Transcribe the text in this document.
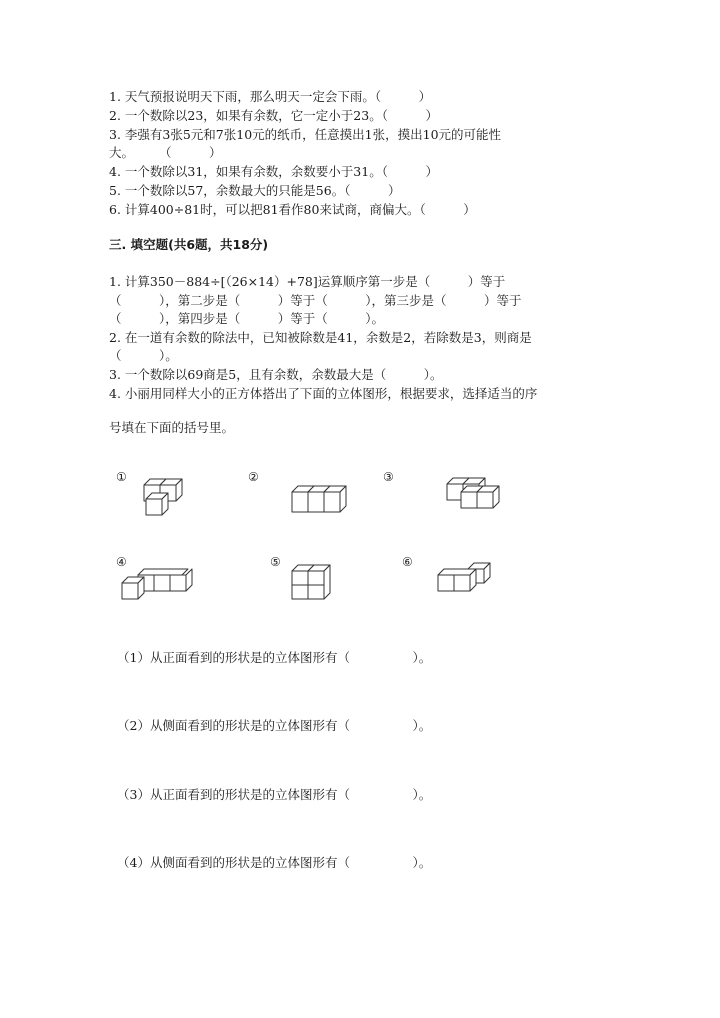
1. 天气预报说明天下雨，那么明天一定会下雨。（　　　）
2. 一个数除以23，如果有余数，它一定小于23。（　　　）
3. 李强有3张5元和7张10元的纸币，任意摸出1张，摸出10元的可能性
大。　　　（　　　）
4. 一个数除以31，如果有余数，余数要小于31。（　　　）
5. 一个数除以57，余数最大的只能是56。（　　　）
6. 计算400÷81时，可以把81看作80来试商，商偏大。（　　　）
三. 填空题(共6题，共18分)
1. 计算350－884÷[（26×14）+78]运算顺序第一步是（　　　）等于
（　　　），第二步是（　　　）等于（　　　），第三步是（　　　）等于
（　　　），第四步是（　　　）等于（　　　）。
2. 在一道有余数的除法中，已知被除数是41，余数是2，若除数是3，则商是
（　　　）。
3. 一个数除以69商是5，且有余数，余数最大是（　　　）。
4. 小丽用同样大小的正方体搭出了下面的立体图形，根据要求，选择适当的序
号填在下面的括号里。
①	②	③
④	⑤	⑥
（1）从正面看到的形状是的立体图形有（　　　　　）。
（2）从侧面看到的形状是的立体图形有（　　　　　）。
（3）从正面看到的形状是的立体图形有（　　　　　）。
（4）从侧面看到的形状是的立体图形有（　　　　　）。
